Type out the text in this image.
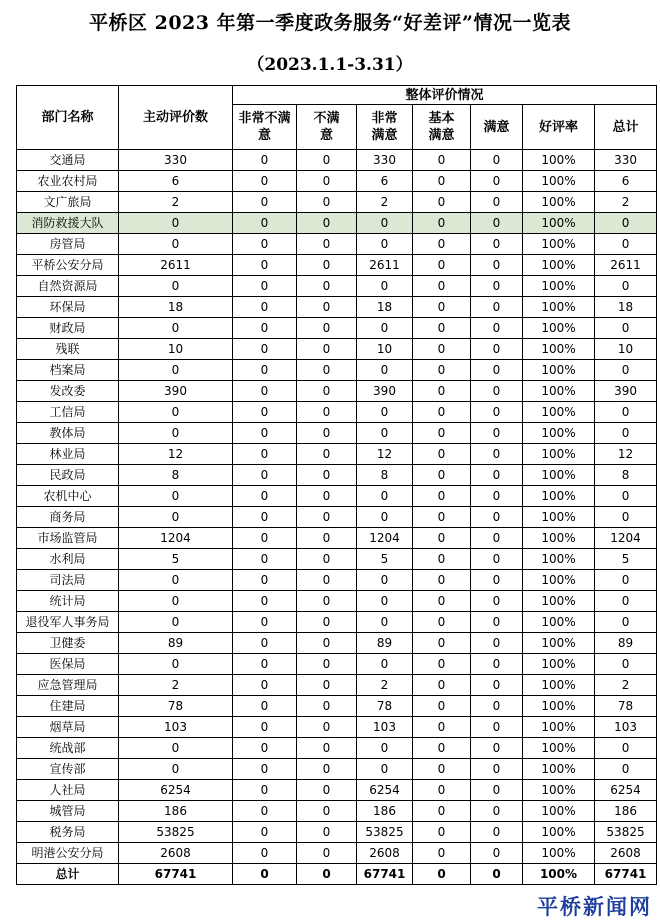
平桥区 2023 年第一季度政务服务“好差评”情况一览表
（2023.1.1-3.31）
部门名称	主动评价数	整体评价情况						
		非常不满意	不满意	非常满意	基本满意	满意	好评率	总计
交通局	330	0	0	330	0	0	100%	330
农业农村局	6	0	0	6	0	0	100%	6
文广旅局	2	0	0	2	0	0	100%	2
消防救援大队	0	0	0	0	0	0	100%	0
房管局	0	0	0	0	0	0	100%	0
平桥公安分局	2611	0	0	2611	0	0	100%	2611
自然资源局	0	0	0	0	0	0	100%	0
环保局	18	0	0	18	0	0	100%	18
财政局	0	0	0	0	0	0	100%	0
残联	10	0	0	10	0	0	100%	10
档案局	0	0	0	0	0	0	100%	0
发改委	390	0	0	390	0	0	100%	390
工信局	0	0	0	0	0	0	100%	0
教体局	0	0	0	0	0	0	100%	0
林业局	12	0	0	12	0	0	100%	12
民政局	8	0	0	8	0	0	100%	8
农机中心	0	0	0	0	0	0	100%	0
商务局	0	0	0	0	0	0	100%	0
市场监管局	1204	0	0	1204	0	0	100%	1204
水利局	5	0	0	5	0	0	100%	5
司法局	0	0	0	0	0	0	100%	0
统计局	0	0	0	0	0	0	100%	0
退役军人事务局	0	0	0	0	0	0	100%	0
卫健委	89	0	0	89	0	0	100%	89
医保局	0	0	0	0	0	0	100%	0
应急管理局	2	0	0	2	0	0	100%	2
住建局	78	0	0	78	0	0	100%	78
烟草局	103	0	0	103	0	0	100%	103
统战部	0	0	0	0	0	0	100%	0
宣传部	0	0	0	0	0	0	100%	0
人社局	6254	0	0	6254	0	0	100%	6254
城管局	186	0	0	186	0	0	100%	186
税务局	53825	0	0	53825	0	0	100%	53825
明港公安分局	2608	0	0	2608	0	0	100%	2608
总计	67741	0	0	67741	0	0	100%	67741
平桥新闻网
